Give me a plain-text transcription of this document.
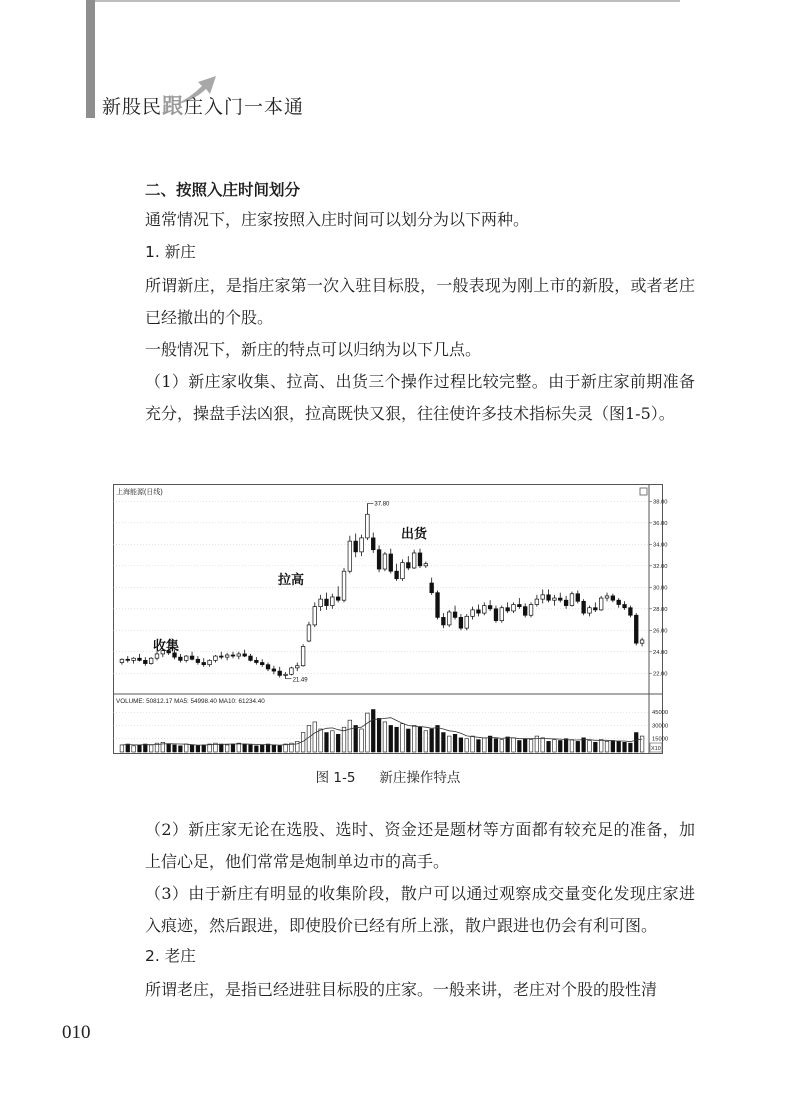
新股民跟庄入门一本通

二、按照入庄时间划分

通常情况下，庄家按照入庄时间可以划分为以下两种。

1. 新庄

所谓新庄，是指庄家第一次入驻目标股，一般表现为刚上市的新股，或者老庄已经撤出的个股。

一般情况下，新庄的特点可以归纳为以下几点。

（1）新庄家收集、拉高、出货三个操作过程比较完整。由于新庄家前期准备充分，操盘手法凶狠，拉高既快又狠，往往使许多技术指标失灵（图1-5）。

上海能源(日线)
VOLUME: 50812.17 MA5: 54998.40 MA10: 61234.40
38.00
36.00
34.00
32.00
30.00
28.00
26.00
24.00
22.00
45000
30000
15000
X10
收集
拉高
出货
37.80
21.49
图 1-5 新庄操作特点

（2）新庄家无论在选股、选时、资金还是题材等方面都有较充足的准备，加上信心足，他们常常是炮制单边市的高手。

（3）由于新庄有明显的收集阶段，散户可以通过观察成交量变化发现庄家进入痕迹，然后跟进，即使股价已经有所上涨，散户跟进也仍会有利可图。

2. 老庄

所谓老庄，是指已经进驻目标股的庄家。一般来讲，老庄对个股的股性清

010
